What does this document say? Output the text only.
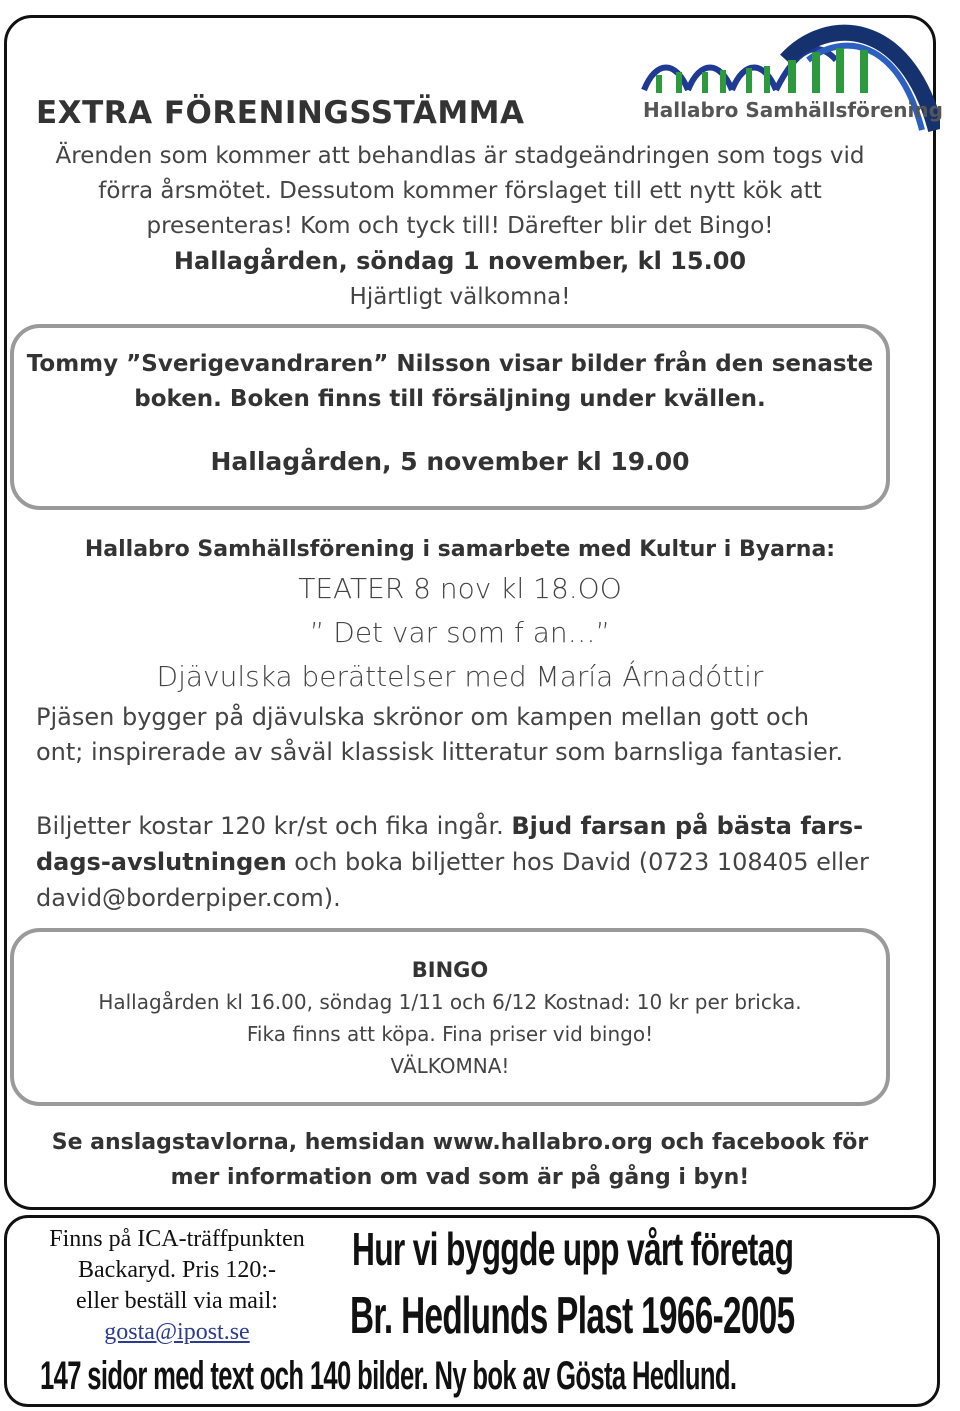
Hallabro Samhällsförening
EXTRA FÖRENINGSSTÄMMA
Ärenden som kommer att behandlas är stadgeändringen som togs vid
förra årsmötet. Dessutom kommer förslaget till ett nytt kök att
presenteras! Kom och tyck till! Därefter blir det Bingo!
Hallagården, söndag 1 november, kl 15.00
Hjärtligt välkomna!
Tommy ”Sverigevandraren” Nilsson visar bilder från den senaste
boken. Boken finns till försäljning under kvällen.
Hallagården, 5 november kl 19.00
Hallabro Samhällsförening i samarbete med Kultur i Byarna:
TEATER 8 nov kl 18.OO
” Det var som f an…”
Djävulska berättelser med María Árnadóttir
Pjäsen bygger på djävulska skrönor om kampen mellan gott och
ont; inspirerade av såväl klassisk litteratur som barnsliga fantasier.
Biljetter kostar 120 kr/st och fika ingår. Bjud farsan på bästa fars-
dags-avslutningen och boka biljetter hos David (0723 108405 eller
david@borderpiper.com).
BINGO
Hallagården kl 16.00, söndag 1/11 och 6/12 Kostnad: 10 kr per bricka.
Fika finns att köpa. Fina priser vid bingo!
VÄLKOMNA!
Se anslagstavlorna, hemsidan www.hallabro.org och facebook för
mer information om vad som är på gång i byn!
Finns på ICA-träffpunkten
Backaryd. Pris 120:-
eller beställ via mail:
gosta@ipost.se
Hur vi byggde upp vårt företag
Br. Hedlunds Plast 1966-2005
147 sidor med text och 140 bilder. Ny bok av Gösta Hedlund.
